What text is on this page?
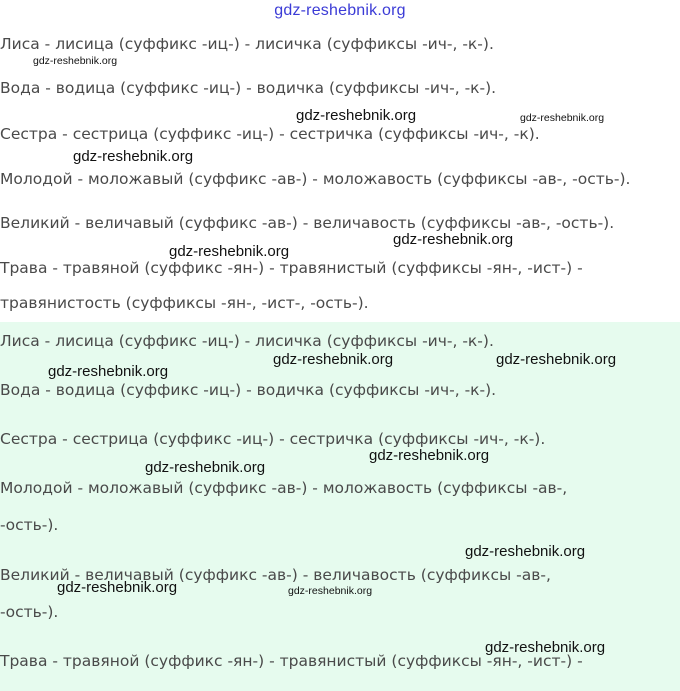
gdz-reshebnik.org
Лиса - лисица (суффикс -иц-) - лисичка (суффиксы -ич-, -к-).
Вода - водица (суффикс -иц-) - водичка (суффиксы -ич-, -к-).
Сестра - сестрица (суффикс -иц-) - сестричка (суффиксы -ич-, -к).
Молодой - моложавый (суффикс -ав-) - моложавость (суффиксы -ав-, -ость-).
Великий - величавый (суффикс -ав-) - величавость (суффиксы -ав-, -ость-).
Трава - травяной (суффикс -ян-) - травянистый (суффиксы -ян-, -ист-) -
травянистость (суффиксы -ян-, -ист-, -ость-).
Лиса - лисица (суффикс -иц-) - лисичка (суффиксы -ич-, -к-).
Вода - водица (суффикс -иц-) - водичка (суффиксы -ич-, -к-).
Сестра - сестрица (суффикс -иц-) - сестричка (суффиксы -ич-, -к-).
Молодой - моложавый (суффикс -ав-) - моложавость (суффиксы -ав-,
-ость-).
Великий - величавый (суффикс -ав-) - величавость (суффиксы -ав-,
-ость-).
Трава - травяной (суффикс -ян-) - травянистый (суффиксы -ян-, -ист-) -
gdz-reshebnik.org
gdz-reshebnik.org	gdz-reshebnik.org
gdz-reshebnik.org
gdz-reshebnik.org
gdz-reshebnik.org
gdz-reshebnik.org	gdz-reshebnik.org
gdz-reshebnik.org
gdz-reshebnik.org
gdz-reshebnik.org
gdz-reshebnik.org
gdz-reshebnik.org	gdz-reshebnik.org
gdz-reshebnik.org
